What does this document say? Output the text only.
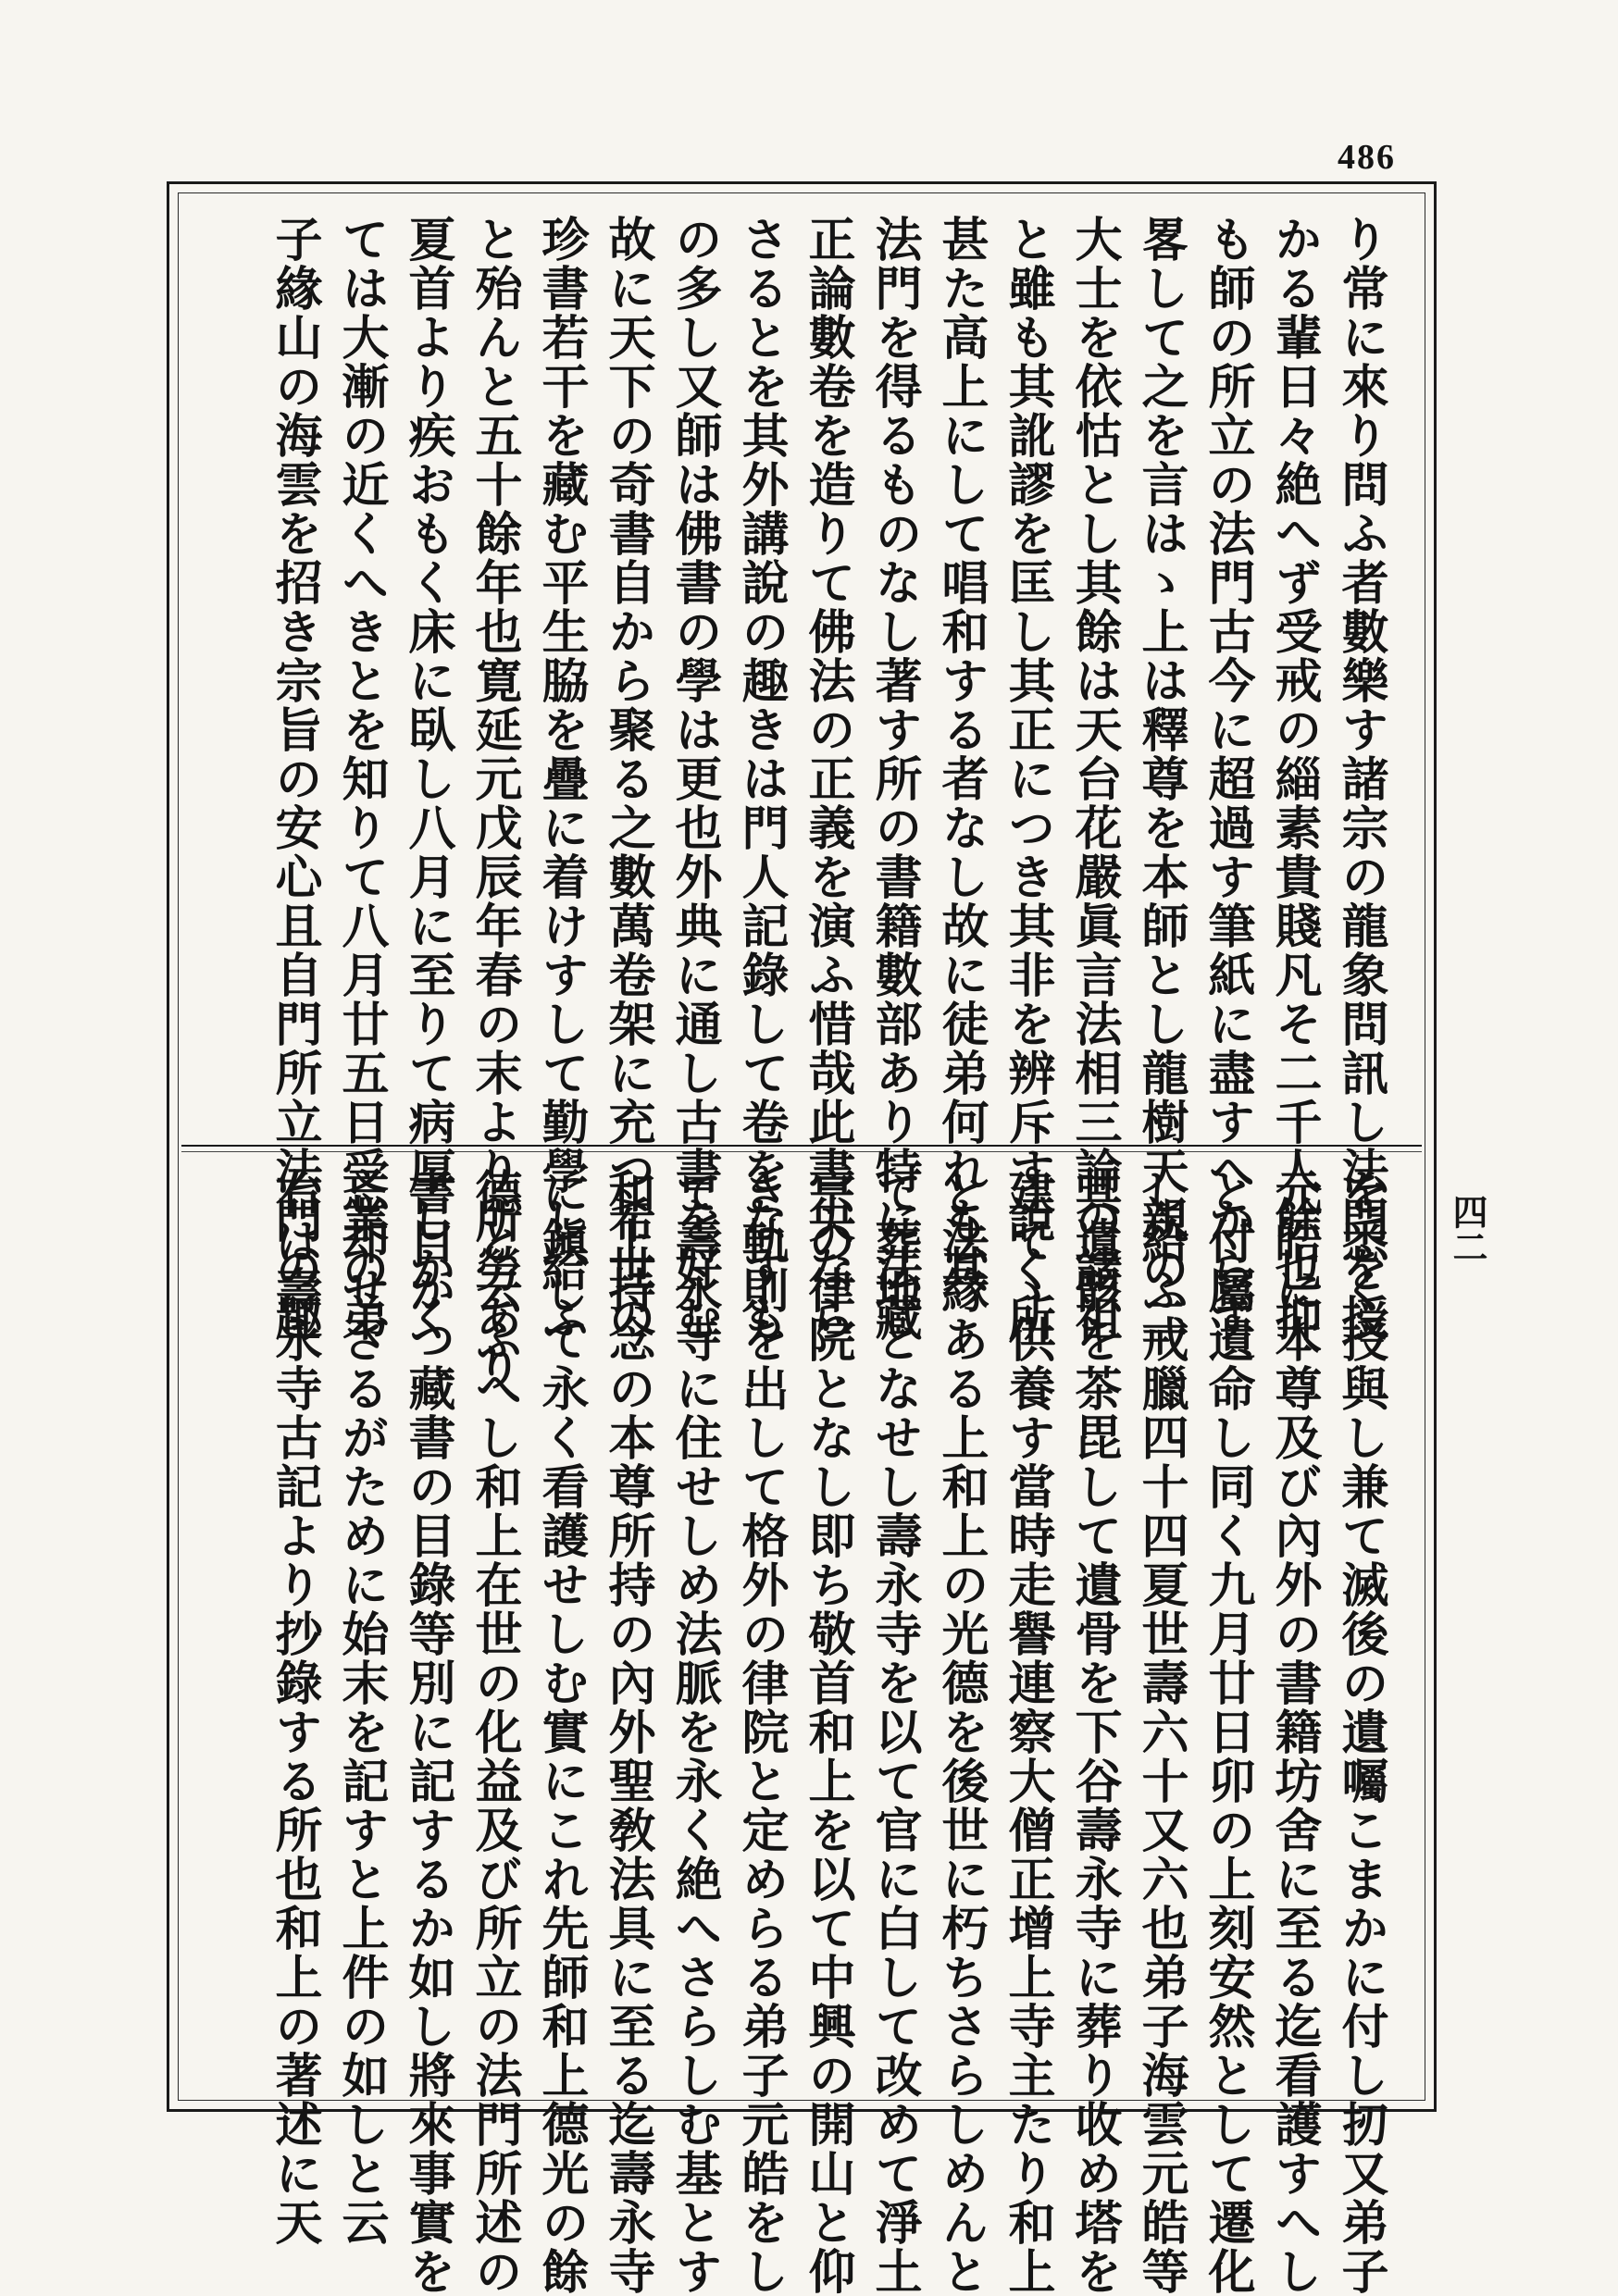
486
り常に來り問ふ者數樂す諸宗の龍象問訊し法門を授
かる輩日々絶へず受戒の緇素貴賤凡そ二千人餘也抑
も師の所立の法門古今に超過す筆紙に盡すへからず
畧して之を言はゝ上は釋尊を本師とし龍樹天親の二
大士を依怙とし其餘は天台花嚴眞言法相三論の諸祖
と雖も其訛謬を匡し其正につき其非を辨斥す說く所
甚た高上にして唱和する者なし故に徒弟何れも其
法門を得るものなし著す所の書籍數部あり特に法藏
正論數卷を造りて佛法の正義を演ふ惜哉此書央なら
さるとを其外講說の趣きは門人記錄して卷をなすも
の多し又師は佛書の學は更也外典に通し古書を好む
故に天下の奇書自から聚る之數萬卷架に充つ希世の
珍書若干を藏む平生脇を疊に着けすして勤學し給ふ
と殆んと五十餘年也寛延元戊辰年春の末より所勞あり
夏首より疾おもく床に臥し八月に至りて病厚しかく
ては大漸の近くへきとを知りて八月廿五日受業の弟
子緣山の海雲を招き宗旨の安心且自門所立法門の趣
を悉く授與し兼て滅後の遺囑こまかに付し扨又弟子
元皓に本尊及び內外の書籍坊舍に至る迄看護すへし
と付屬遺命し同く九月廿日卯の上刻安然として遷化
し給ふ戒臘四十四夏世壽六十又六也弟子海雲元皓等
其遺骸を茶毘して遺骨を下谷壽永寺に葬り收め塔を
建てゝ供養す當時走譽連察大僧正增上寺主たり和上
と法緣ある上和上の光德を後世に朽ちさらしめんと
て葬地となせし壽永寺を以て官に白して改めて淨土
宗の律院となし即ち敬首和上を以て中興の開山と仰
き軌則を出して格外の律院と定めらる弟子元皓をし
て壽永寺に住せしめ法脈を永く絶へさらしむ基とす
和上持念の本尊所持の內外聖敎法具に至る迄壽永寺
に鎭して永く看護せしむ實にこれ先師和上德光の餘
德と云ふへし和上在世の化益及び所立の法門所述の
書目かつ藏書の目錄等別に記するか如し將來事實を
忘却せざるがために始末を記すと上件の如しと云
右は壽永寺古記より抄錄する所也和上の著述に天	四二
